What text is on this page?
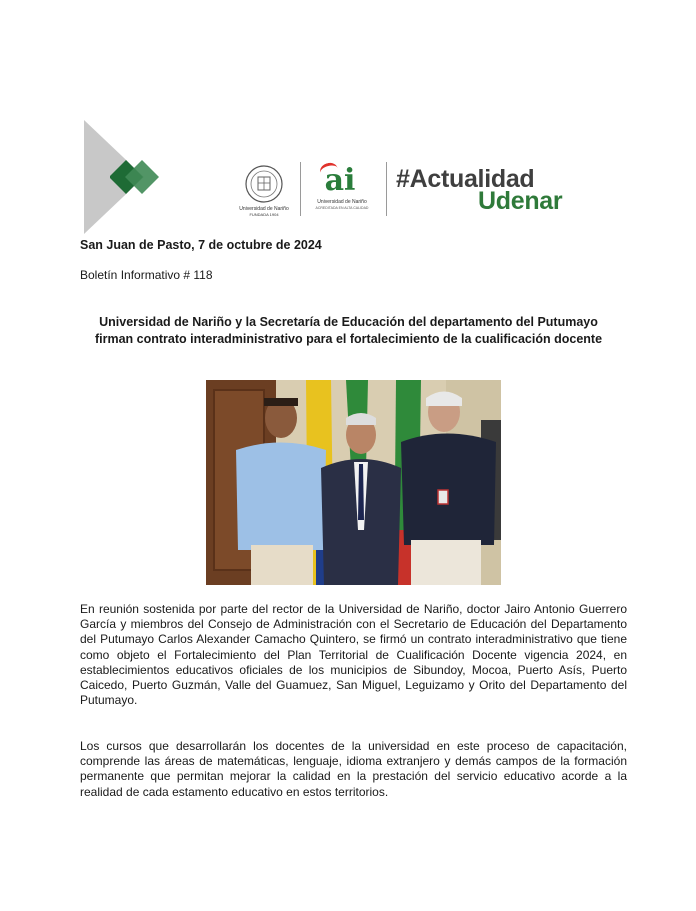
Universidad de Nariño
FUNDADA 1904
ai
Universidad de Nariño
ACREDITADA EN ALTA CALIDAD
#Actualidad
Udenar
San Juan de Pasto, 7 de octubre de 2024
Boletín Informativo # 118
Universidad de Nariño y la Secretaría de Educación del departamento del Putumayo firman contrato interadministrativo para el fortalecimiento de la cualificación docente
En reunión sostenida por parte del rector de la Universidad de Nariño, doctor Jairo Antonio Guerrero García y miembros del Consejo de Administración con el Secretario de Educación del Departamento del Putumayo Carlos Alexander Camacho Quintero, se firmó un contrato interadministrativo que tiene como objeto el Fortalecimiento del Plan Territorial de Cualificación Docente vigencia 2024, en establecimientos educativos oficiales de los municipios de Sibundoy, Mocoa, Puerto Asís, Puerto Caicedo, Puerto Guzmán, Valle del Guamuez, San Miguel, Leguizamo y Orito del Departamento del Putumayo.
Los cursos que desarrollarán los docentes de la universidad en este proceso de capacitación, comprende las áreas de matemáticas, lenguaje, idioma extranjero y demás campos de la formación permanente que permitan mejorar la calidad en la prestación del servicio educativo acorde a la realidad de cada estamento educativo en estos territorios.
